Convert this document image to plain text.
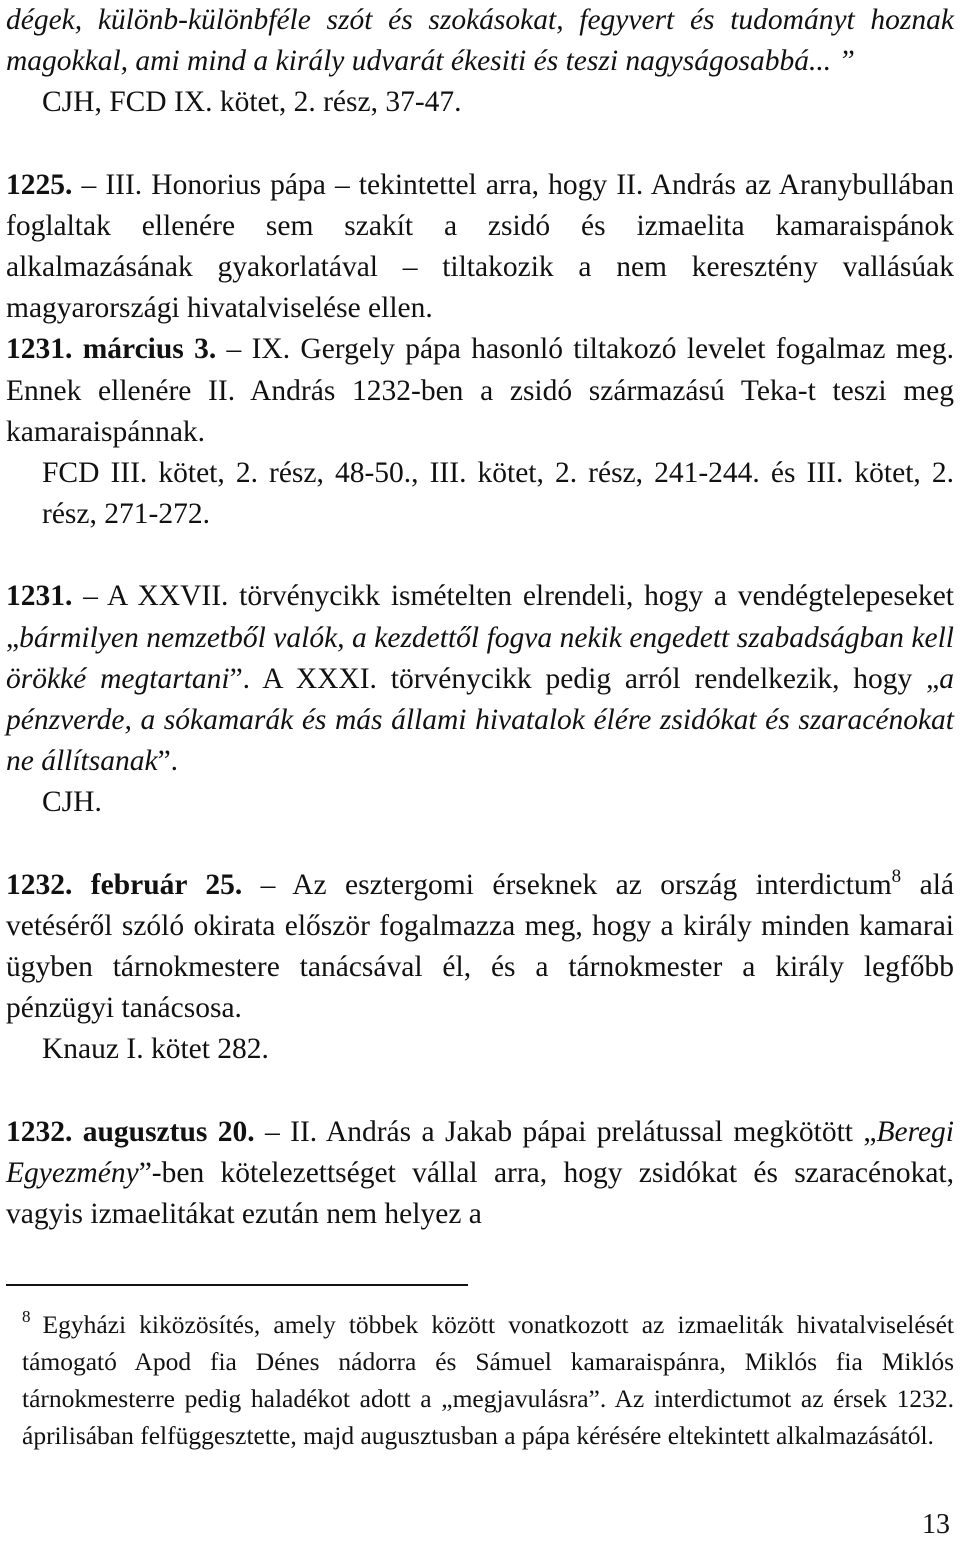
dégek, különb-különbféle szót és szokásokat, fegyvert és tudományt hoznak magokkal, ami mind a király udvarát ékesiti és teszi nagyságosabbá... ”

CJH, FCD IX. kötet, 2. rész, 37-47.

1225. – III. Honorius pápa – tekintettel arra, hogy II. András az Aranybullában foglaltak ellenére sem szakít a zsidó és izmaelita kamaraispánok alkalmazásának gyakorlatával – tiltakozik a nem keresztény vallásúak magyarországi hivatalviselése ellen.

1231. március 3. – IX. Gergely pápa hasonló tiltakozó levelet fogalmaz meg. Ennek ellenére II. András 1232-ben a zsidó származású Teka-t teszi meg kamaraispánnak.

FCD III. kötet, 2. rész, 48-50., III. kötet, 2. rész, 241-244. és III. kötet, 2. rész, 271-272.

1231. – A XXVII. törvénycikk ismételten elrendeli, hogy a vendégtelepeseket „bármilyen nemzetből valók, a kezdettől fogva nekik engedett szabadságban kell örökké megtartani”. A XXXI. törvénycikk pedig arról rendelkezik, hogy „a pénzverde, a sókamarák és más állami hivatalok élére zsidókat és szaracénokat ne állítsanak”.

CJH.

1232. február 25. – Az esztergomi érseknek az ország interdictum$^8$ alá vetéséről szóló okirata először fogalmazza meg, hogy a király minden kamarai ügyben tárnokmestere tanácsával él, és a tárnokmester a király legfőbb pénzügyi tanácsosa.

Knauz I. kötet 282.

1232. augusztus 20. – II. András a Jakab pápai prelátussal megkötött „Beregi Egyezmény”-ben kötelezettséget vállal arra, hogy zsidókat és szaracénokat, vagyis izmaelitákat ezután nem helyez a

$^8$ Egyházi kiközösítés, amely többek között vonatkozott az izmaeliták hivatalviselését támogató Apod fia Dénes nádorra és Sámuel kamaraispánra, Miklós fia Miklós tárnokmesterre pedig haladékot adott a „megjavulásra”. Az interdictumot az érsek 1232. áprilisában felfüggesztette, majd augusztusban a pápa kérésére eltekintett alkalmazásától.

13
